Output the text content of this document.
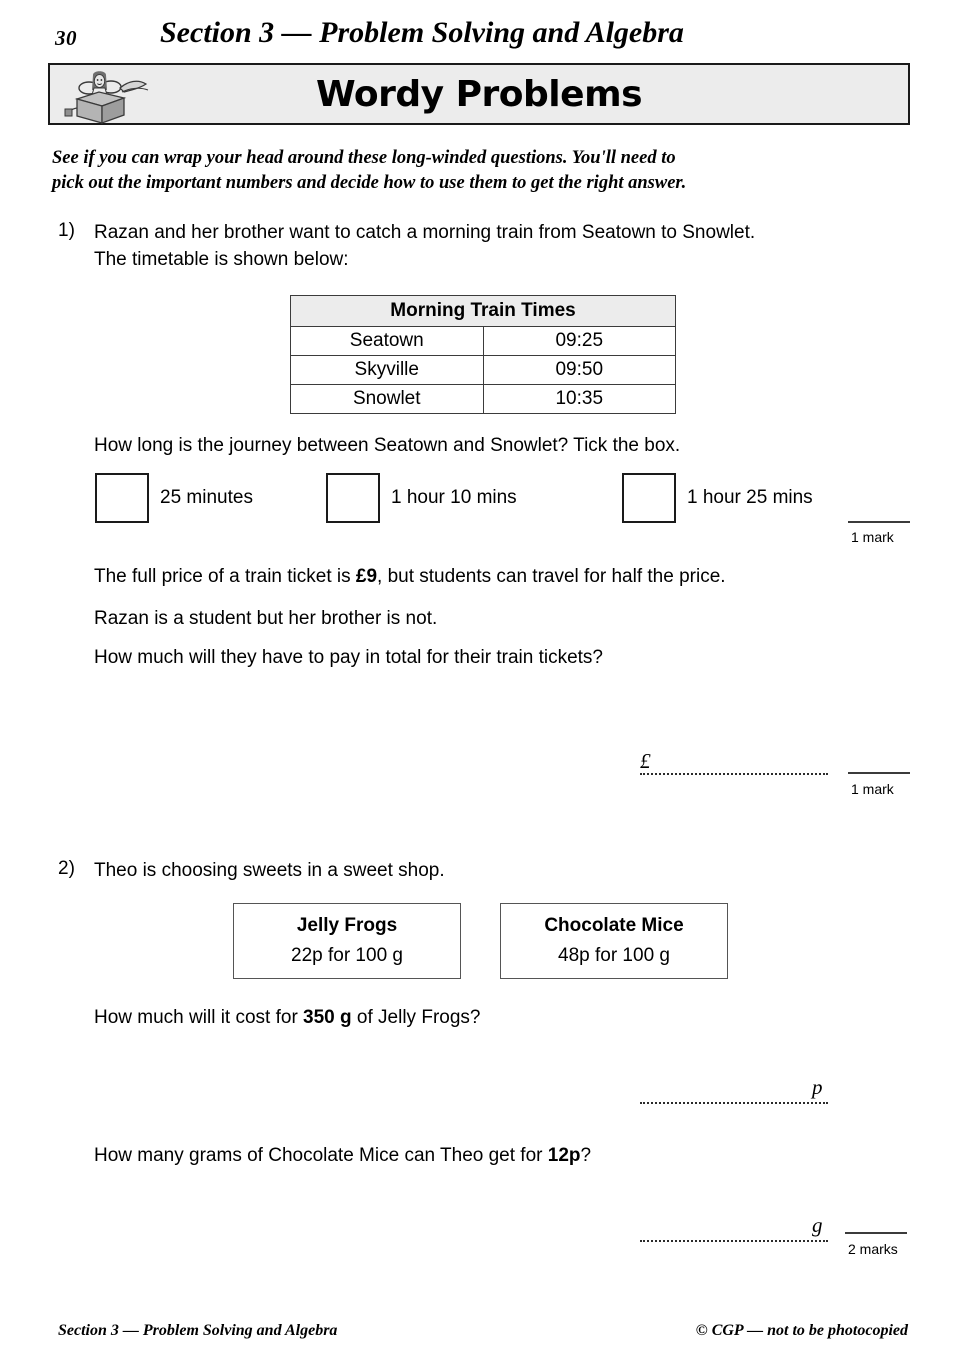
30	Section 3 — Problem Solving and Algebra
Wordy Problems
See if you can wrap your head around these long-winded questions. You'll need to
pick out the important numbers and decide how to use them to get the right answer.
1) Razan and her brother want to catch a morning train from Seatown to Snowlet.
The timetable is shown below:
Morning Train Times	
Seatown	09:25
Skyville	09:50
Snowlet	10:35
How long is the journey between Seatown and Snowlet? Tick the box.
25 minutes	1 hour 10 mins	1 hour 25 mins
1 mark
The full price of a train ticket is £9, but students can travel for half the price.
Razan is a student but her brother is not.
How much will they have to pay in total for their train tickets?
£
1 mark
2) Theo is choosing sweets in a sweet shop.
Jelly Frogs
22p for 100 g
Chocolate Mice
48p for 100 g
How much will it cost for 350 g of Jelly Frogs?
p
How many grams of Chocolate Mice can Theo get for 12p?
g
2 marks
Section 3 — Problem Solving and Algebra	© CGP — not to be photocopied
